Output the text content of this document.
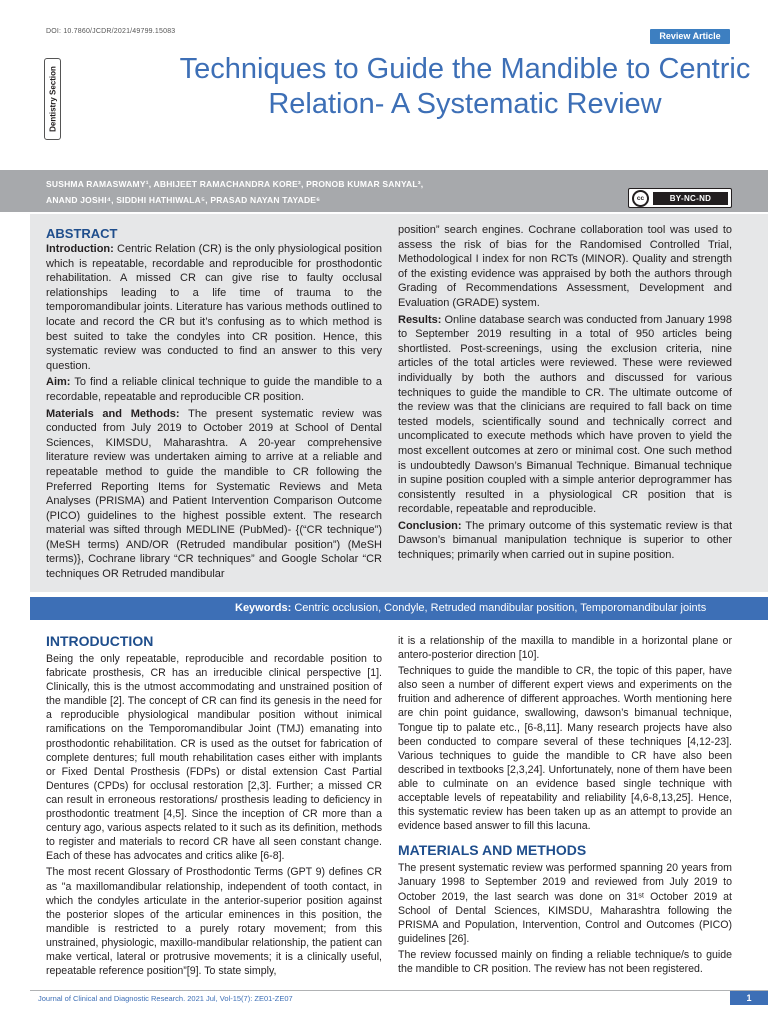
DOI: 10.7860/JCDR/2021/49799.15083	Review Article
Dentistry Section	Techniques to Guide the Mandible to Centric Relation- A Systematic Review
SUSHMA RAMASWAMY¹, ABHIJEET RAMACHANDRA KORE², PRONOB KUMAR SANYAL³,
ANAND JOSHI⁴, SIDDHI HATHIWALA⁵, PRASAD NAYAN TAYADE⁶	cc	BY-NC-ND
ABSTRACT

Introduction: Centric Relation (CR) is the only physiological position which is repeatable, recordable and reproducible for prosthodontic rehabilitation. A missed CR can give rise to faulty occlusal relationships leading to a life time of trauma to the temporomandibular joints. Literature has various methods outlined to locate and record the CR but it’s confusing as to which method is best suited to take the condyles into CR position. Hence, this systematic review was conducted to find an answer to this very question.

Aim: To find a reliable clinical technique to guide the mandible to a recordable, repeatable and reproducible CR position.

Materials and Methods: The present systematic review was conducted from July 2019 to October 2019 at School of Dental Sciences, KIMSDU, Maharashtra. A 20-year comprehensive literature review was undertaken aiming to arrive at a reliable and repeatable method to guide the mandible to CR following the Preferred Reporting Items for Systematic Reviews and Meta Analyses (PRISMA) and Patient Intervention Comparison Outcome (PICO) guidelines to the highest possible extent. The research material was sifted through MEDLINE (PubMed)- {(“CR technique”) (MeSH terms) AND/OR (Retruded mandibular position”) (MeSH terms)}, Cochrane library “CR techniques” and Google Scholar “CR techniques OR Retruded mandibular

position” search engines. Cochrane collaboration tool was used to assess the risk of bias for the Randomised Controlled Trial, Methodological I index for non RCTs (MINOR). Quality and strength of the existing evidence was appraised by both the authors through Grading of Recommendations Assessment, Development and Evaluation (GRADE) system.

Results: Online database search was conducted from January 1998 to September 2019 resulting in a total of 950 articles being shortlisted. Post-screenings, using the exclusion criteria, nine articles of the total articles were reviewed. These were reviewed individually by both the authors and discussed for various techniques to guide the mandible to CR. The ultimate outcome of the review was that the clinicians are required to fall back on time tested models, scientifically sound and technically correct and uncomplicated to execute methods which have proven to yield the most excellent outcomes at zero or minimal cost. One such method is undoubtedly Dawson’s Bimanual Technique. Bimanual technique in supine position coupled with a simple anterior deprogrammer has consistently resulted in a physiological CR position that is recordable, repeatable and reproducible.

Conclusion: The primary outcome of this systematic review is that Dawson’s bimanual manipulation technique is superior to other techniques; primarily when carried out in supine position.

Keywords: Centric occlusion, Condyle, Retruded mandibular position, Temporomandibular joints
INTRODUCTION

Being the only repeatable, reproducible and recordable position to fabricate prosthesis, CR has an irreducible clinical perspective [1]. Clinically, this is the utmost accommodating and unstrained position of the mandible [2]. The concept of CR can find its genesis in the need for a reproducible physiological mandibular position without inimical ramifications on the Temporomandibular Joint (TMJ) emanating into prosthodontic rehabilitation. CR is used as the outset for fabrication of complete dentures; full mouth rehabilitation cases either with implants or Fixed Dental Prosthesis (FDPs) or distal extension Cast Partial Dentures (CPDs) for occlusal restoration [2,3]. Further; a missed CR can result in erroneous restorations/ prosthesis leading to deficiency in prosthodontic treatment [4,5]. Since the inception of CR more than a century ago, various aspects related to it such as its definition, methods to register and materials to record CR have all seen constant change. Each of these has advocates and critics alike [6-8].

The most recent Glossary of Prosthodontic Terms (GPT 9) defines CR as "a maxillomandibular relationship, independent of tooth contact, in which the condyles articulate in the anterior-superior position against the posterior slopes of the articular eminences in this position, the mandible is restricted to a purely rotary movement; from this unstrained, physiologic, maxillo-mandibular relationship, the patient can make vertical, lateral or protrusive movements; it is a clinically useful, repeatable reference position”[9]. To state simply,

it is a relationship of the maxilla to mandible in a horizontal plane or antero-posterior direction [10].

Techniques to guide the mandible to CR, the topic of this paper, have also seen a number of different expert views and experiments on the fruition and adherence of different approaches. Worth mentioning here are chin point guidance, swallowing, dawson’s bimanual technique, Tongue tip to palate etc., [6-8,11]. Many research projects have also been conducted to compare several of these techniques [4,12-23]. Various techniques to guide the mandible to CR have also been described in textbooks [2,3,24]. Unfortunately, none of them have been able to culminate on an evidence based single technique with acceptable levels of repeatability and reliability [4,6-8,13,25]. Hence, this systematic review has been taken up as an attempt to provide an evidence based answer to fill this lacuna.

MATERIALS AND METHODS

The present systematic review was performed spanning 20 years from January 1998 to September 2019 and reviewed from July 2019 to October 2019, the last search was done on 31ˢᵗ October 2019 at School of Dental Sciences, KIMSDU, Maharashtra following the PRISMA and Population, Intervention, Control and Outcomes (PICO) guidelines [26].

The review focussed mainly on finding a reliable technique/s to guide the mandible to CR position. The review has not been registered.

Journal of Clinical and Diagnostic Research. 2021 Jul, Vol-15(7): ZE01-ZE07	1
